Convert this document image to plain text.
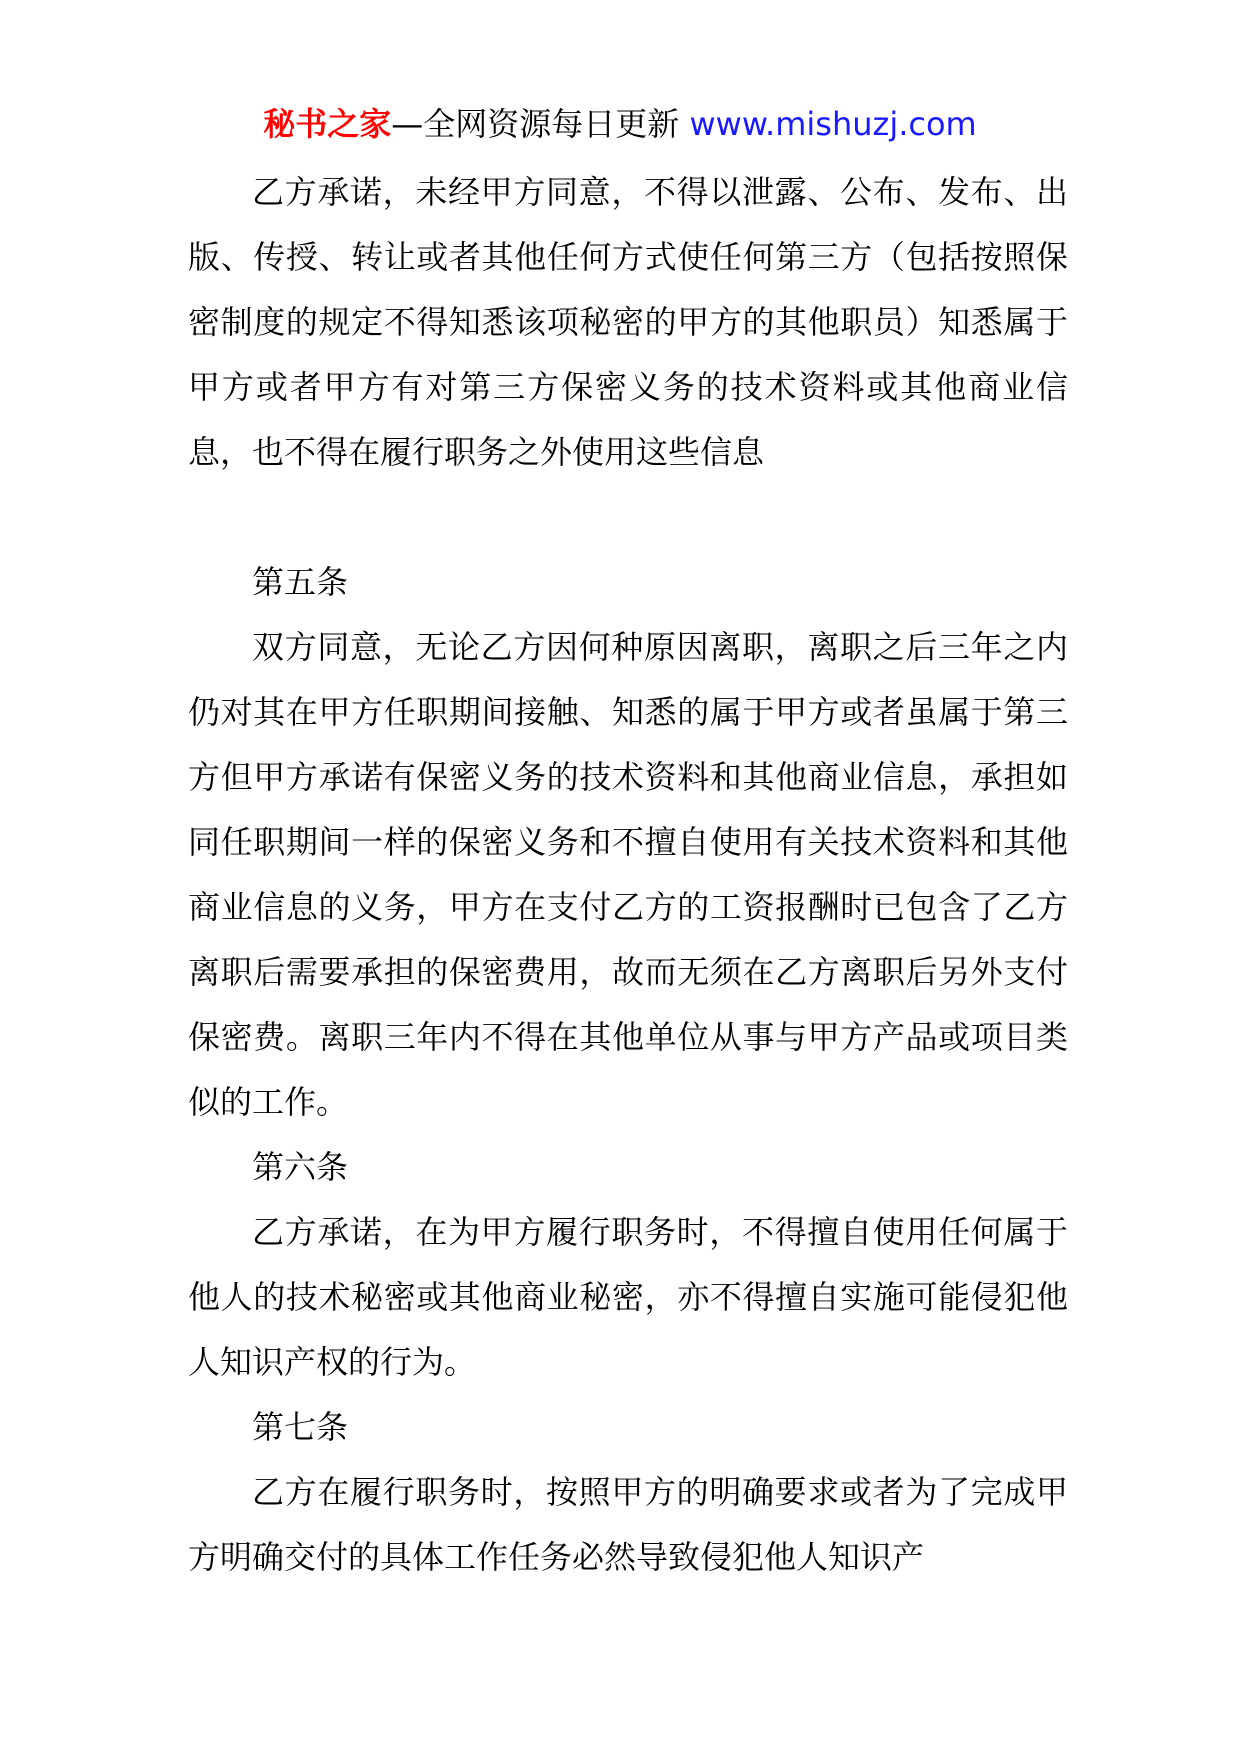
秘书之家—全网资源每日更新 www.mishuzj.com

乙方承诺，未经甲方同意，不得以泄露、公布、发布、出版、传授、转让或者其他任何方式使任何第三方（包括按照保密制度的规定不得知悉该项秘密的甲方的其他职员）知悉属于甲方或者甲方有对第三方保密义务的技术资料或其他商业信息，也不得在履行职务之外使用这些信息

第五条

双方同意，无论乙方因何种原因离职，离职之后三年之内仍对其在甲方任职期间接触、知悉的属于甲方或者虽属于第三方但甲方承诺有保密义务的技术资料和其他商业信息，承担如同任职期间一样的保密义务和不擅自使用有关技术资料和其他商业信息的义务，甲方在支付乙方的工资报酬时已包含了乙方离职后需要承担的保密费用，故而无须在乙方离职后另外支付保密费。离职三年内不得在其他单位从事与甲方产品或项目类似的工作。

第六条

乙方承诺，在为甲方履行职务时，不得擅自使用任何属于他人的技术秘密或其他商业秘密，亦不得擅自实施可能侵犯他人知识产权的行为。

第七条

乙方在履行职务时，按照甲方的明确要求或者为了完成甲方明确交付的具体工作任务必然导致侵犯他人知识产
